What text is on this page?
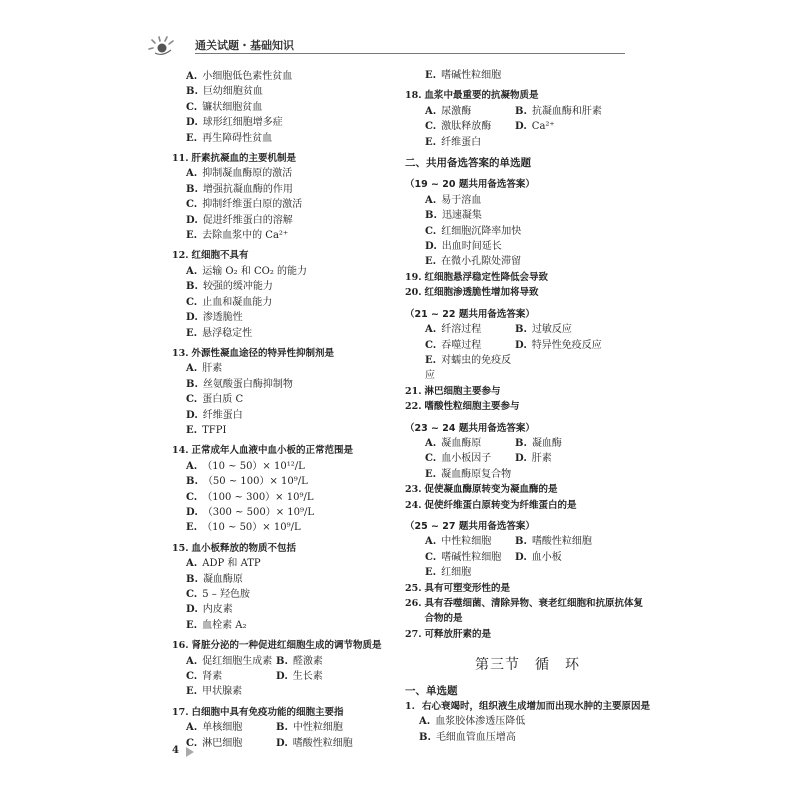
通关试题・基础知识
A. 小细胞低色素性贫血
B. 巨幼细胞贫血
C. 镰状细胞贫血
D. 球形红细胞增多症
E. 再生障碍性贫血
11. 肝素抗凝血的主要机制是
A. 抑制凝血酶原的激活
B. 增强抗凝血酶的作用
C. 抑制纤维蛋白原的激活
D. 促进纤维蛋白的溶解
E. 去除血浆中的 Ca²⁺
12. 红细胞不具有
A. 运输 O₂ 和 CO₂ 的能力
B. 较强的缓冲能力
C. 止血和凝血能力
D. 渗透脆性
E. 悬浮稳定性
13. 外源性凝血途径的特异性抑制剂是
A. 肝素
B. 丝氨酸蛋白酶抑制物
C. 蛋白质 C
D. 纤维蛋白
E. TFPI
14. 正常成年人血液中血小板的正常范围是
A. （10 ~ 50）× 10¹²/L
B. （50 ~ 100）× 10⁹/L
C. （100 ~ 300）× 10⁹/L
D. （300 ~ 500）× 10⁹/L
E. （10 ~ 50）× 10⁹/L
15. 血小板释放的物质不包括
A. ADP 和 ATP
B. 凝血酶原
C. 5 – 羟色胺
D. 内皮素
E. 血栓素 A₂
16. 肾脏分泌的一种促进红细胞生成的调节物质是
A. 促红细胞生成素 B. 醛激素
C. 肾素	D. 生长素
E. 甲状腺素
17. 白细胞中具有免疫功能的细胞主要指
A. 单核细胞	B. 中性粒细胞
C. 淋巴细胞	D. 嗜酸性粒细胞
E. 嗜碱性粒细胞
18. 血浆中最重要的抗凝物质是
A. 尿激酶	B. 抗凝血酶和肝素
C. 激肽释放酶	D. Ca²⁺
E. 纤维蛋白
二、共用备选答案的单选题
（19 ~ 20 题共用备选答案）
A. 易于溶血
B. 迅速凝集
C. 红细胞沉降率加快
D. 出血时间延长
E. 在微小孔隙处滞留
19. 红细胞悬浮稳定性降低会导致
20. 红细胞渗透脆性增加将导致
（21 ~ 22 题共用备选答案）
A. 纤溶过程	B. 过敏反应
C. 吞噬过程	D. 特异性免疫反应
E. 对蠕虫的免疫反应
21. 淋巴细胞主要参与
22. 嗜酸性粒细胞主要参与
（23 ~ 24 题共用备选答案）
A. 凝血酶原	B. 凝血酶
C. 血小板因子	D. 肝素
E. 凝血酶原复合物
23. 促使凝血酶原转变为凝血酶的是
24. 促使纤维蛋白原转变为纤维蛋白的是
（25 ~ 27 题共用备选答案）
A. 中性粒细胞	B. 嗜酸性粒细胞
C. 嗜碱性粒细胞	D. 血小板
E. 红细胞
25. 具有可塑变形性的是
26. 具有吞噬细菌、清除异物、衰老红细胞和抗原抗体复合物的是
27. 可释放肝素的是
第三节　循　环
一、单选题
1. 右心衰竭时，组织液生成增加而出现水肿的主要原因是
A. 血浆胶体渗透压降低
B. 毛细血管血压增高
4
